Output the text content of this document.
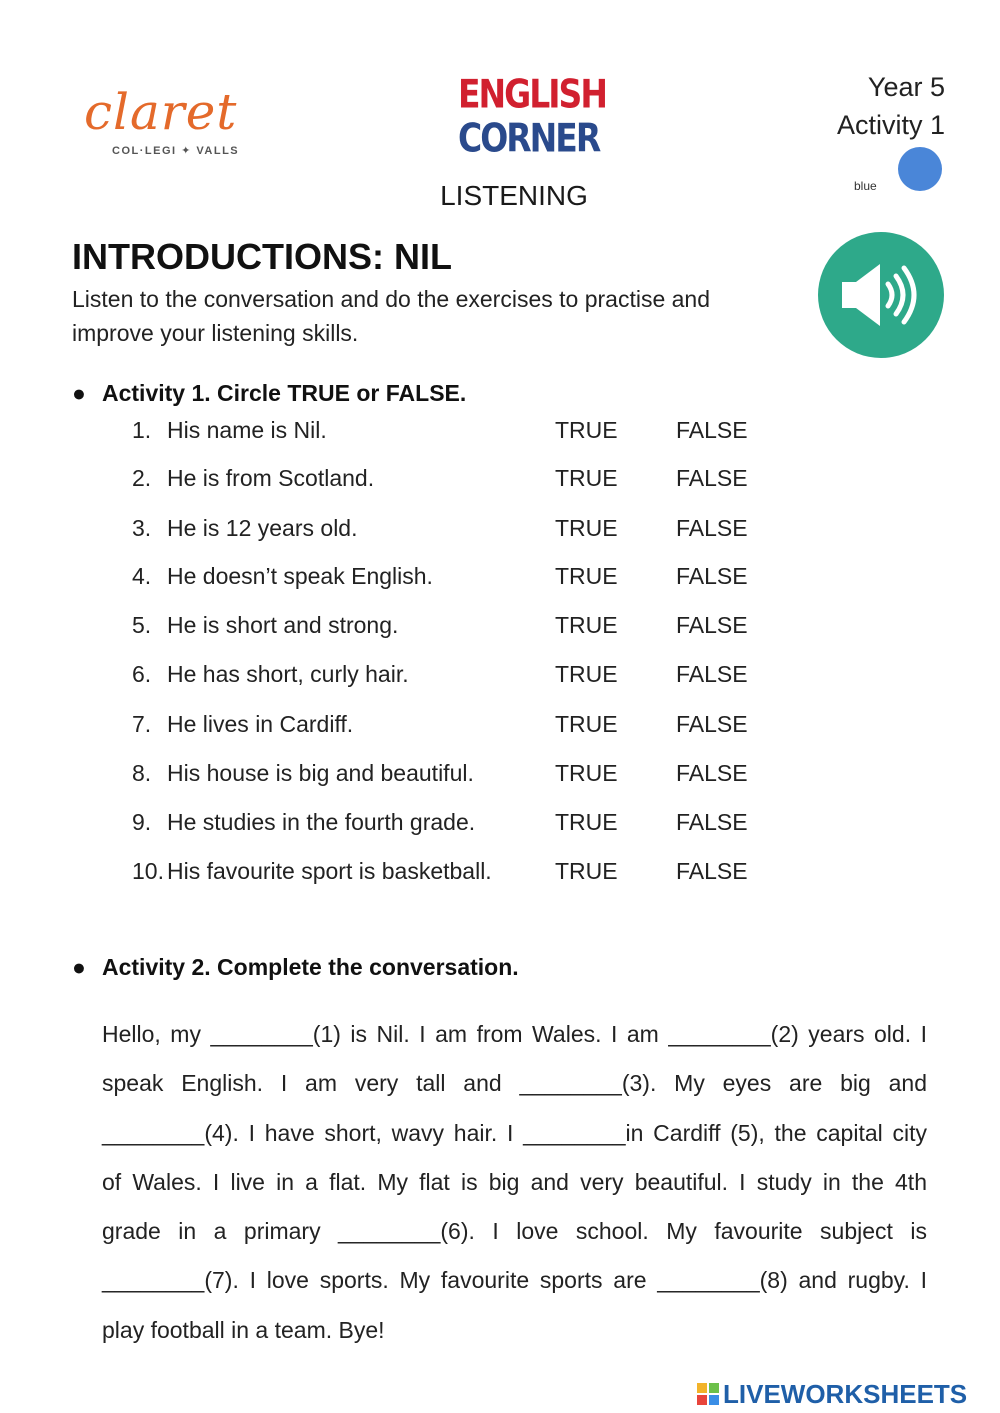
claret
COL·LEGI ✦ VALLS
ENGLISH
CORNER
LISTENING
Year 5
Activity 1
blue
INTRODUCTIONS: NIL
Listen to the conversation and do the exercises to practise and improve your listening skills.
● Activity 1. Circle TRUE or FALSE.
1. His name is Nil.	TRUE	FALSE
2. He is from Scotland.	TRUE	FALSE
3. He is 12 years old.	TRUE	FALSE
4. He doesn’t speak English.	TRUE	FALSE
5. He is short and strong.	TRUE	FALSE
6. He has short, curly hair.	TRUE	FALSE
7. He lives in Cardiff.	TRUE	FALSE
8. His house is big and beautiful.	TRUE	FALSE
9. He studies in the fourth grade.	TRUE	FALSE
10. His favourite sport is basketball.	TRUE	FALSE
● Activity 2. Complete the conversation.
Hello, my ________(1) is Nil. I am from Wales. I am ________(2) years old. I
speak English. I am very tall and ________(3). My eyes are big and
________(4). I have short, wavy hair. I ________in Cardiff (5), the capital city
of Wales. I live in a flat. My flat is big and very beautiful. I study in the 4th
grade in a primary ________(6). I love school. My favourite subject is
________(7). I love sports. My favourite sports are ________(8) and rugby. I
play football in a team. Bye!
LIVEWORKSHEETS
